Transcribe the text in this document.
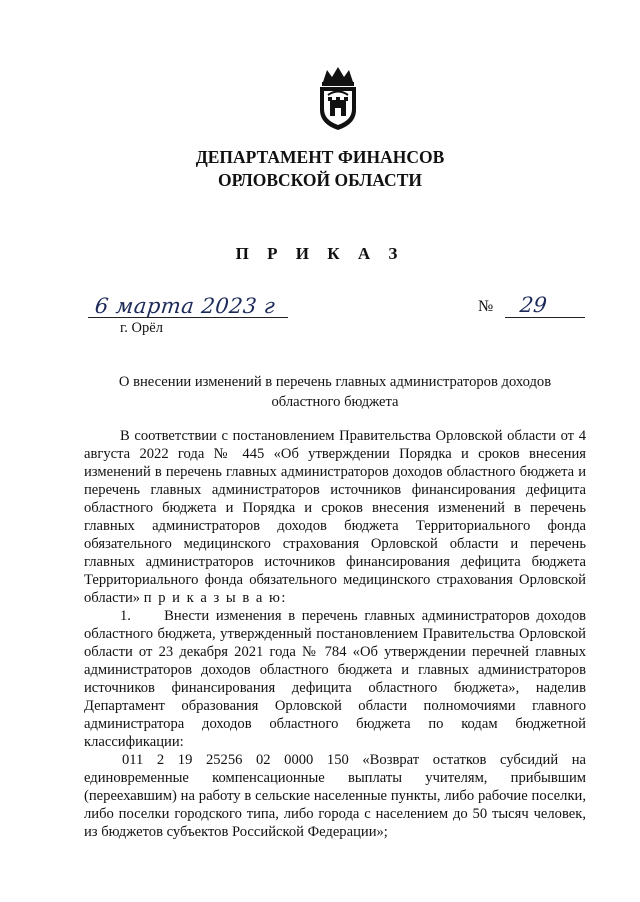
ДЕПАРТАМЕНТ ФИНАНСОВ
ОРЛОВСКОЙ ОБЛАСТИ
П Р И К А З
6 марта 2023 г	№ 29
г. Орёл
О внесении изменений в перечень главных администраторов доходов областного бюджета

В соответствии с постановлением Правительства Орловской области от 4 августа 2022 года № 445 «Об утверждении Порядка и сроков внесения изменений в перечень главных администраторов доходов областного бюджета и перечень главных администраторов источников финансирования дефицита областного бюджета и Порядка и сроков внесения изменений в перечень главных администраторов доходов бюджета Территориального фонда обязательного медицинского страхования Орловской области и перечень главных администраторов источников финансирования дефицита бюджета Территориального фонда обязательного медицинского страхования Орловской области» п р и к а з ы в а ю:

1. Внести изменения в перечень главных администраторов доходов областного бюджета, утвержденный постановлением Правительства Орловской области от 23 декабря 2021 года № 784 «Об утверждении перечней главных администраторов доходов областного бюджета и главных администраторов источников финансирования дефицита областного бюджета», наделив Департамент образования Орловской области полномочиями главного администратора доходов областного бюджета по кодам бюджетной классификации:

011 2 19 25256 02 0000 150 «Возврат остатков субсидий на единовременные компенсационные выплаты учителям, прибывшим (переехавшим) на работу в сельские населенные пункты, либо рабочие поселки, либо поселки городского типа, либо города с населением до 50 тысяч человек, из бюджетов субъектов Российской Федерации»;
